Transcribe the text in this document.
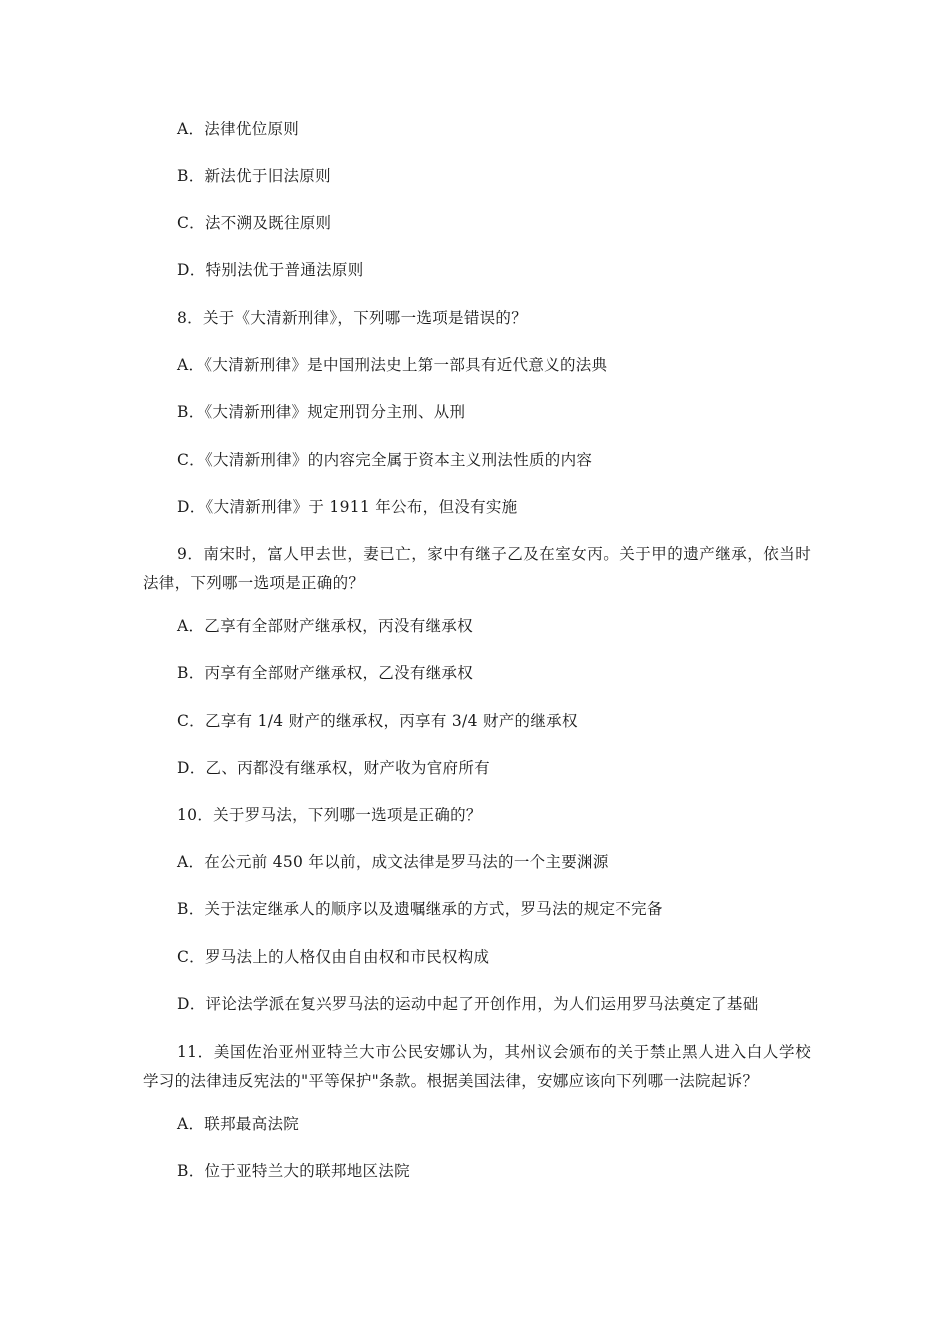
A．法律优位原则
B．新法优于旧法原则
C．法不溯及既往原则
D．特别法优于普通法原则
8．关于《大清新刑律》，下列哪一选项是错误的？
A．《大清新刑律》是中国刑法史上第一部具有近代意义的法典
B．《大清新刑律》规定刑罚分主刑、从刑
C．《大清新刑律》的内容完全属于资本主义刑法性质的内容
D．《大清新刑律》于 1911 年公布，但没有实施
9．南宋时，富人甲去世，妻已亡，家中有继子乙及在室女丙。关于甲的遗产继承，依当时法律，下列哪一选项是正确的？
A．乙享有全部财产继承权，丙没有继承权
B．丙享有全部财产继承权，乙没有继承权
C．乙享有 1/4 财产的继承权，丙享有 3/4 财产的继承权
D．乙、丙都没有继承权，财产收为官府所有
10．关于罗马法，下列哪一选项是正确的？
A．在公元前 450 年以前，成文法律是罗马法的一个主要渊源
B．关于法定继承人的顺序以及遗嘱继承的方式，罗马法的规定不完备
C．罗马法上的人格仅由自由权和市民权构成
D．评论法学派在复兴罗马法的运动中起了开创作用，为人们运用罗马法奠定了基础
11．美国佐治亚州亚特兰大市公民安娜认为，其州议会颁布的关于禁止黑人进入白人学校学习的法律违反宪法的"平等保护"条款。根据美国法律，安娜应该向下列哪一法院起诉？
A．联邦最高法院
B．位于亚特兰大的联邦地区法院
